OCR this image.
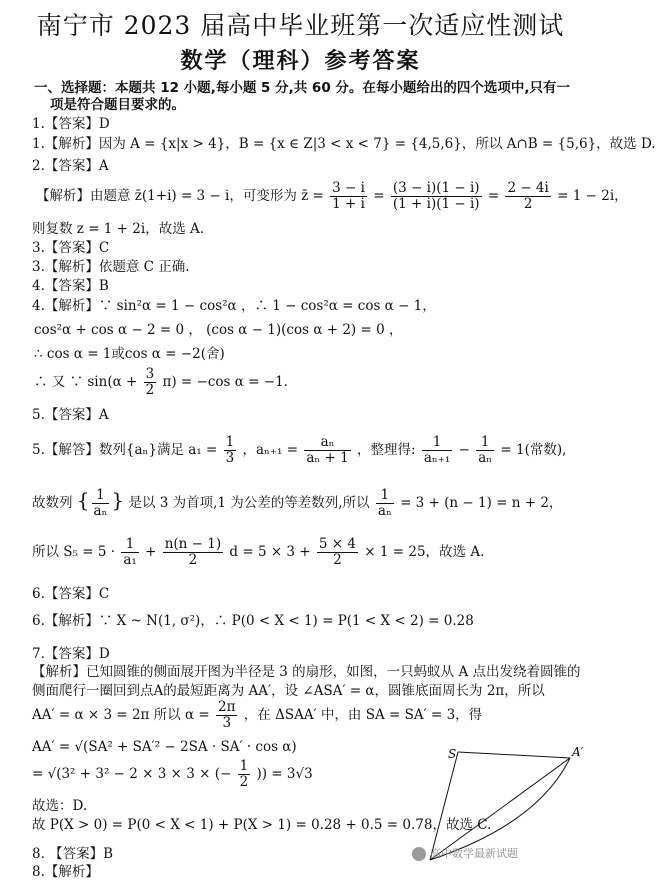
南宁市 2023 届高中毕业班第一次适应性测试
数学（理科）参考答案
一、选择题：本题共 12 小题,每小题 5 分,共 60 分。在每小题给出的四个选项中,只有一
项是符合题目要求的。
1.【答案】D
1.【解析】因为 A = {x|x > 4}，B = {x ∈ Z|3 < x < 7} = {4,5,6}，所以 A∩B = {5,6}，故选 D.
2.【答案】A
【解析】由题意 z̄(1+i) = 3 − i，可变形为 z̄ = $\frac{3 - i}{1 + i} = \frac{(3 - i)(1 - i)}{(1 + i)(1 - i)} = \frac{2 - 4i}{2} = 1 - 2i$，
则复数 z = 1 + 2i，故选 A.
3.【答案】C
3.【解析】依题意 C 正确.
4.【答案】B
4.【解析】∵ sin²α = 1 − cos²α ，∴ 1 − cos²α = cos α − 1，
cos²α + cos α − 2 = 0 ， (cos α − 1)(cos α + 2) = 0 ，
∴ cos α = 1或cos α = −2(舍)
∴ 又 ∵ $\sin(\alpha + \frac{3}{2} \pi) = -\cos$ α = −1.
5.【答案】A
5.【解答】数列{aₙ}满足 $a_1 = \frac{1}{3}$ ，$a_{n+1} = \frac{\text{aₙ}}{\text{aₙ + 1}}$ ，整理得: $\frac{1}{\text{aₙ₊₁}} - \frac{1}{\text{aₙ}} = 1$(常数),
故数列 { $\frac{1}{\text{aₙ}}$ } 是以 3 为首项,1 为公差的等差数列,所以 $\frac{1}{\text{aₙ}} = 3 + (n - 1) = n + 2$，
所以 $S_5 = 5 \cdot \frac{1}{\text{a₁}} + \frac{n(n - 1)}{2}$ $d = 5 \times 3 + \frac{5 \times 4}{2} \times 1 = 25$，故选 A.
6.【答案】C
6.【解析】∵ X ~ N(1, σ²)，∴ P(0 < X < 1) = P(1 < X < 2) = 0.28
7.【答案】D
【解析】已知圆锥的侧面展开图为半径是 3 的扇形，如图，一只蚂蚁从 A 点出发绕着圆锥的
侧面爬行一圈回到点A的最短距离为 AA′，设 ∠ASA′ = α，圆锥底面周长为 2π，所以
AA′ = α × 3 = 2π 所以 $\alpha = \frac{2\pi}{3}$ ，在 ΔSAA′ 中，由 SA = SA′ = 3，得
AA′ = √(SA² + SA′² − 2SA · SA′ · cos α)
= √(3² + 3² − 2 × 3 × 3 × (− $\frac{1}{2}$ )) = 3√3
故选：D.
故 P(X > 0) = P(0 < X < 1) + P(X > 1) = 0.28 + 0.5 = 0.78，故选 C.
8. 【答案】B
8.【解析】
S	A′
高中数学最新试题
